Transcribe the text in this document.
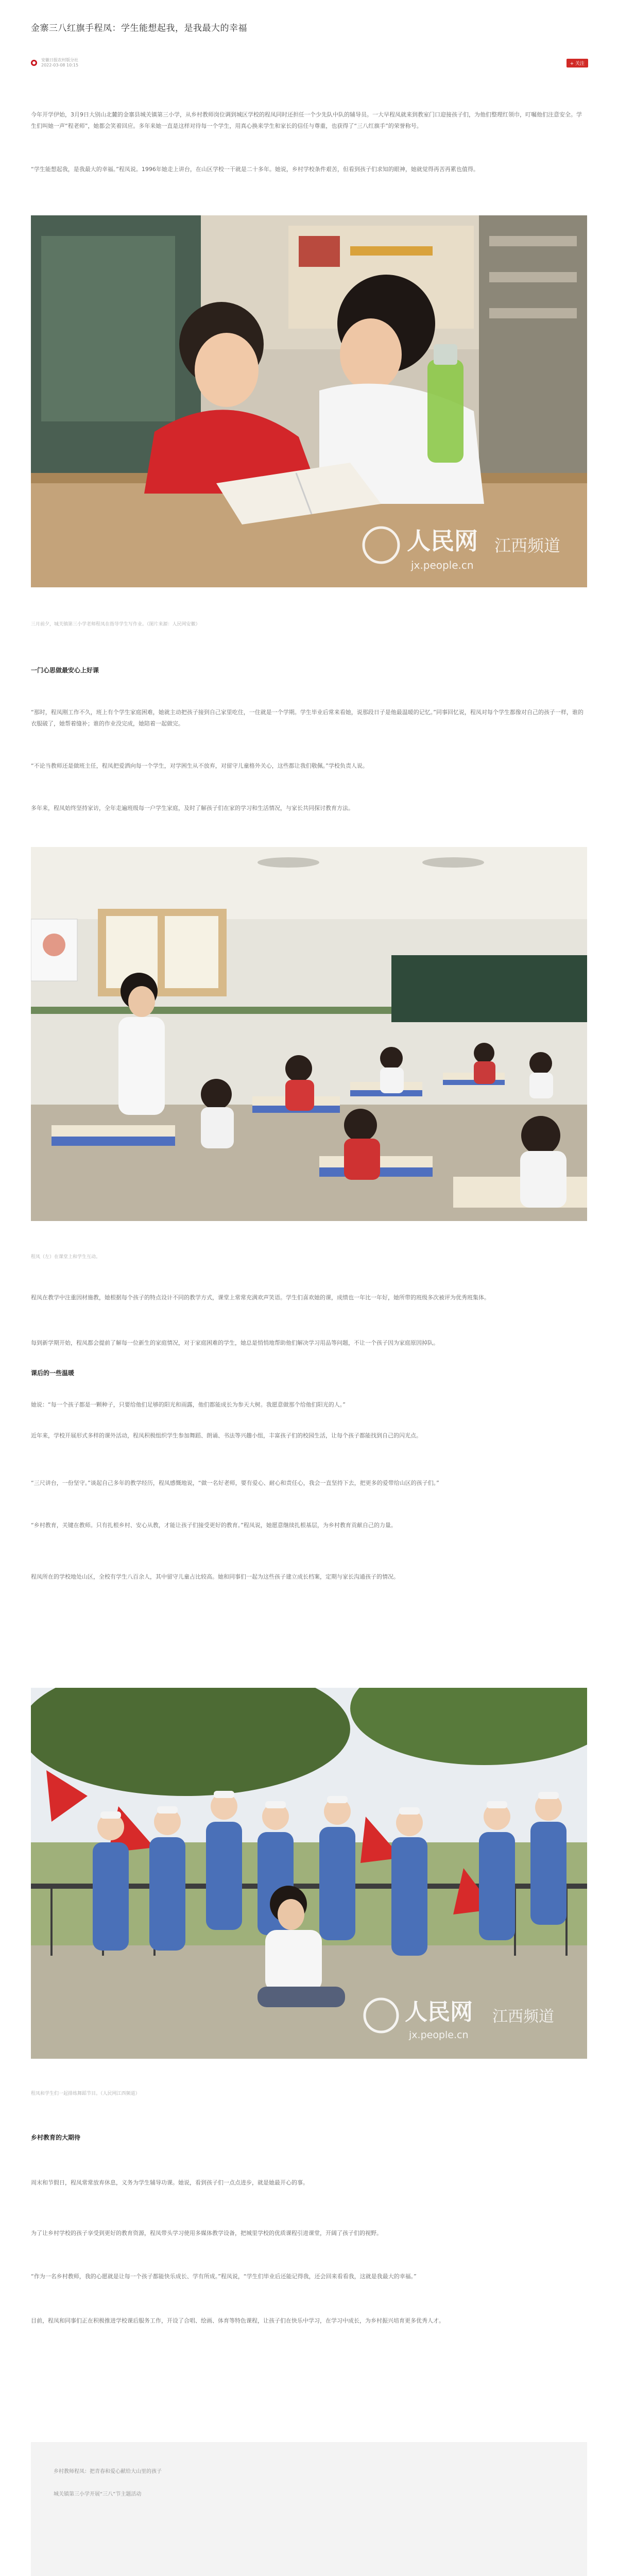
金寨三八红旗手程凤：学生能想起我，是我最大的幸福
安徽日报农村版分社
2022-03-08 10:15	+ 关注

今年开学伊始，3月9日大别山北麓的金寨县城关镇第三小学，从乡村教师岗位调到城区学校的程凤同时还担任一个少先队中队的辅导员。一大早程凤就来到教室门口迎接孩子们，为他们整理红领巾，叮嘱他们注意安全。学生们叫她一声“程老师”，她都会笑着回应。多年来她一直是这样对待每一个学生，用真心换来学生和家长的信任与尊重，也获得了“三八红旗手”的荣誉称号。

“学生能想起我，是我最大的幸福。”程凤说。1996年她走上讲台，在山区学校一干就是二十多年。她说，乡村学校条件艰苦，但看到孩子们求知的眼神，她就觉得再苦再累也值得。

人民网
jx.people.cn
江西频道
三月前夕，城关镇第三小学老师程凤在指导学生写作业。（图片来源：人民网安徽）
一门心思做最安心上好课

“那时，程凤刚工作不久，班上有个学生家庭困难，她就主动把孩子接到自己家里吃住，一住就是一个学期。学生毕业后常来看她，说那段日子是他最温暖的记忆。”同事回忆说，程凤对每个学生都像对自己的孩子一样，谁的衣服破了，她帮着缝补；谁的作业没完成，她陪着一起做完。

“不论当教师还是做班主任，程凤把爱洒向每一个学生，对学困生从不放弃，对留守儿童格外关心，这些都让我们敬佩。”学校负责人说。

多年来，程凤始终坚持家访，全年走遍班级每一户学生家庭，及时了解孩子们在家的学习和生活情况，与家长共同探讨教育方法。

程凤（左）在课堂上和学生互动。

程凤在教学中注重因材施教，她根据每个孩子的特点设计不同的教学方式，课堂上常常充满欢声笑语。学生们喜欢她的课，成绩也一年比一年好，她所带的班级多次被评为优秀班集体。

每到新学期开始，程凤都会提前了解每一位新生的家庭情况，对于家庭困难的学生，她总是悄悄地帮助他们解决学习用品等问题，不让一个孩子因为家庭原因掉队。

课后的一些温暖

她说：“每一个孩子都是一颗种子，只要给他们足够的阳光和雨露，他们都能成长为参天大树。我愿意做那个给他们阳光的人。”

近年来，学校开展形式多样的课外活动，程凤积极组织学生参加舞蹈、朗诵、书法等兴趣小组，丰富孩子们的校园生活，让每个孩子都能找到自己的闪光点。

“三尺讲台，一份坚守。”谈起自己多年的教学经历，程凤感慨地说，“做一名好老师，要有爱心、耐心和责任心，我会一直坚持下去，把更多的爱带给山区的孩子们。”

“乡村教育，关键在教师。只有扎根乡村、安心从教，才能让孩子们接受更好的教育。”程凤说，她愿意继续扎根基层，为乡村教育贡献自己的力量。

程凤所在的学校地处山区，全校有学生八百余人，其中留守儿童占比较高。她和同事们一起为这些孩子建立成长档案，定期与家长沟通孩子的情况。

人民网
jx.people.cn
江西频道
程凤和学生们一起排练舞蹈节目。（人民网江西频道）
乡村教育的大期待

周末和节假日，程凤常常放弃休息，义务为学生辅导功课。她说，看到孩子们一点点进步，就是她最开心的事。

为了让乡村学校的孩子享受到更好的教育资源，程凤带头学习使用多媒体教学设备，把城里学校的优质课程引进课堂，开阔了孩子们的视野。

“作为一名乡村教师，我的心愿就是让每一个孩子都能快乐成长、学有所成。”程凤说，“学生们毕业后还能记得我，还会回来看看我，这就是我最大的幸福。”

目前，程凤和同事们正在积极推进学校课后服务工作，开设了合唱、绘画、体育等特色课程，让孩子们在快乐中学习，在学习中成长，为乡村振兴培育更多优秀人才。

乡村教师程凤：把青春和爱心献给大山里的孩子
城关镇第三小学开展“三八”节主题活动
